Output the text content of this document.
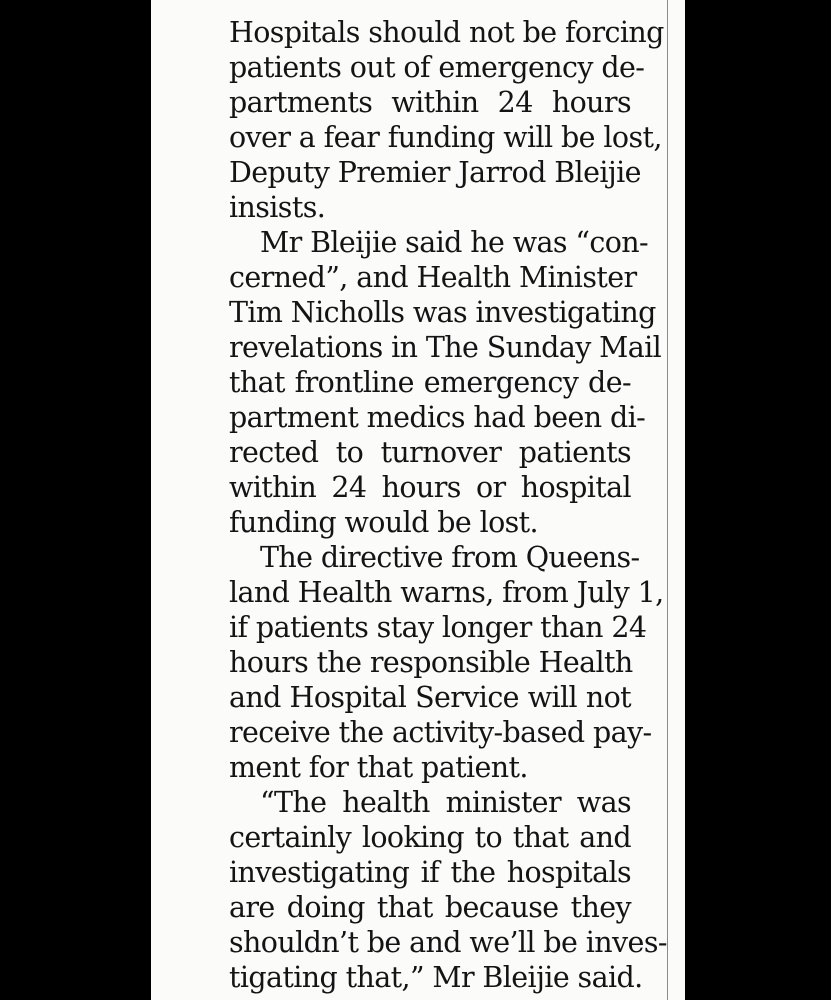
Hospitals should not be forcing
patients out of emergency de-
partments within 24 hours
over a fear funding will be lost,
Deputy Premier Jarrod Bleijie
insists.
Mr Bleijie said he was “con-
cerned”, and Health Minister
Tim Nicholls was investigating
revelations in The Sunday Mail
that frontline emergency de-
partment medics had been di-
rected to turnover patients
within 24 hours or hospital
funding would be lost.
The directive from Queens-
land Health warns, from July 1,
if patients stay longer than 24
hours the responsible Health
and Hospital Service will not
receive the activity-based pay-
ment for that patient.
“The health minister was
certainly looking to that and
investigating if the hospitals
are doing that because they
shouldn’t be and we’ll be inves-
tigating that,” Mr Bleijie said.
